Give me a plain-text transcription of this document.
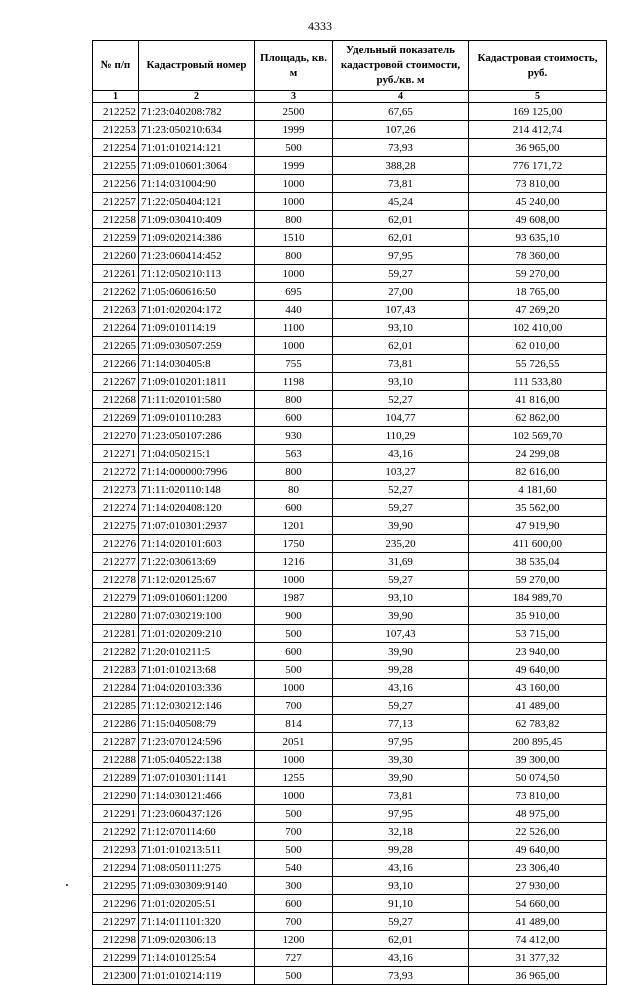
4333
№ п/п	Кадастровый номер	Площадь, кв. м	Удельный показатель кадастровой стоимости, руб./кв. м	Кадастровая стоимость, руб.
1	2	3	4	5
212252	71:23:040208:782	2500	67,65	169 125,00
212253	71:23:050210:634	1999	107,26	214 412,74
212254	71:01:010214:121	500	73,93	36 965,00
212255	71:09:010601:3064	1999	388,28	776 171,72
212256	71:14:031004:90	1000	73,81	73 810,00
212257	71:22:050404:121	1000	45,24	45 240,00
212258	71:09:030410:409	800	62,01	49 608,00
212259	71:09:020214:386	1510	62,01	93 635,10
212260	71:23:060414:452	800	97,95	78 360,00
212261	71:12:050210:113	1000	59,27	59 270,00
212262	71:05:060616:50	695	27,00	18 765,00
212263	71:01:020204:172	440	107,43	47 269,20
212264	71:09:010114:19	1100	93,10	102 410,00
212265	71:09:030507:259	1000	62,01	62 010,00
212266	71:14:030405:8	755	73,81	55 726,55
212267	71:09:010201:1811	1198	93,10	111 533,80
212268	71:11:020101:580	800	52,27	41 816,00
212269	71:09:010110:283	600	104,77	62 862,00
212270	71:23:050107:286	930	110,29	102 569,70
212271	71:04:050215:1	563	43,16	24 299,08
212272	71:14:000000:7996	800	103,27	82 616,00
212273	71:11:020110:148	80	52,27	4 181,60
212274	71:14:020408:120	600	59,27	35 562,00
212275	71:07:010301:2937	1201	39,90	47 919,90
212276	71:14:020101:603	1750	235,20	411 600,00
212277	71:22:030613:69	1216	31,69	38 535,04
212278	71:12:020125:67	1000	59,27	59 270,00
212279	71:09:010601:1200	1987	93,10	184 989,70
212280	71:07:030219:100	900	39,90	35 910,00
212281	71:01:020209:210	500	107,43	53 715,00
212282	71:20:010211:5	600	39,90	23 940,00
212283	71:01:010213:68	500	99,28	49 640,00
212284	71:04:020103:336	1000	43,16	43 160,00
212285	71:12:030212:146	700	59,27	41 489,00
212286	71:15:040508:79	814	77,13	62 783,82
212287	71:23:070124:596	2051	97,95	200 895,45
212288	71:05:040522:138	1000	39,30	39 300,00
212289	71:07:010301:1141	1255	39,90	50 074,50
212290	71:14:030121:466	1000	73,81	73 810,00
212291	71:23:060437:126	500	97,95	48 975,00
212292	71:12:070114:60	700	32,18	22 526,00
212293	71:01:010213:511	500	99,28	49 640,00
212294	71:08:050111:275	540	43,16	23 306,40
212295	71:09:030309:9140	300	93,10	27 930,00
212296	71:01:020205:51	600	91,10	54 660,00
212297	71:14:011101:320	700	59,27	41 489,00
212298	71:09:020306:13	1200	62,01	74 412,00
212299	71:14:010125:54	727	43,16	31 377,32
212300	71:01:010214:119	500	73,93	36 965,00
